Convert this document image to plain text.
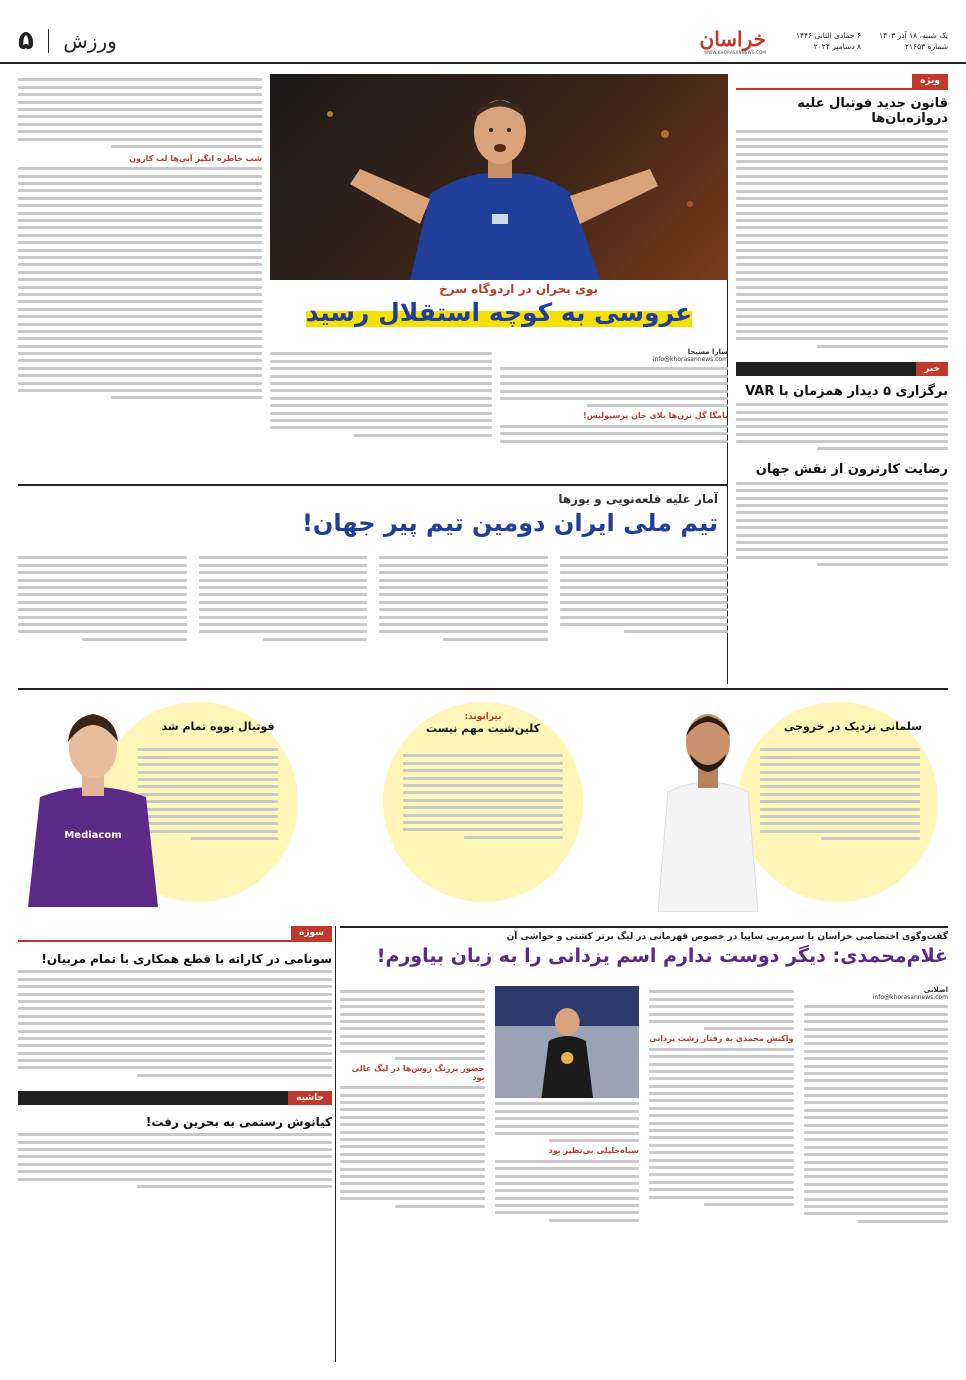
یک شنبه، ۱۸ آذر ۱۴۰۳
شماره ۲۱۶۵۳
۶ جمادی الثانی ۱۴۴۶
۸ دسامبر ۲۰۲۴
خراسان
WWW.KHORASANNEWS.COM
۵ ورزش
ویژه
قانون جدید فوتبال علیه دروازه‌بان‌ها
خبر
برگزاری ۵ دیدار همزمان با VAR
رضایت کارترون از نقش جهان
بوی بحران در اردوگاه سرخ
عروسی به کوچه استقلال رسید
سارا مسیحا
info@khorasannews.com
یامگا گل نزن‌ها بلای جان پرسپولیس!
شب خاطره انگیز آبی‌ها لب کارون
آمار علیه قلعه‌نویی و یوزها
تیم ملی ایران دومین تیم پیر جهان!
سلمانی نزدیک در خروجی
بیرانوند:
کلین‌شیت مهم نیست
فوتبال بووه تمام شد
Mediacom
گفت‌وگوی اختصاصی خراسان با سرمربی سایپا در خصوص قهرمانی در لیگ برتر کشتی و حواشی آن
غلام‌محمدی: دیگر دوست ندارم اسم یزدانی را به زبان بیاورم!
اصلانی
info@khorasannews.com
واکنش محمدی به رفتار زشت یزدانی
سیاه‌خلیلی بی‌نظیر بود
حضور پررنگ روس‌ها در لیگ عالی بود
سوژه
سونامی در کاراته با قطع همکاری با تمام مربیان!
حاشیه
کیانوش رستمی به بحرین رفت!
